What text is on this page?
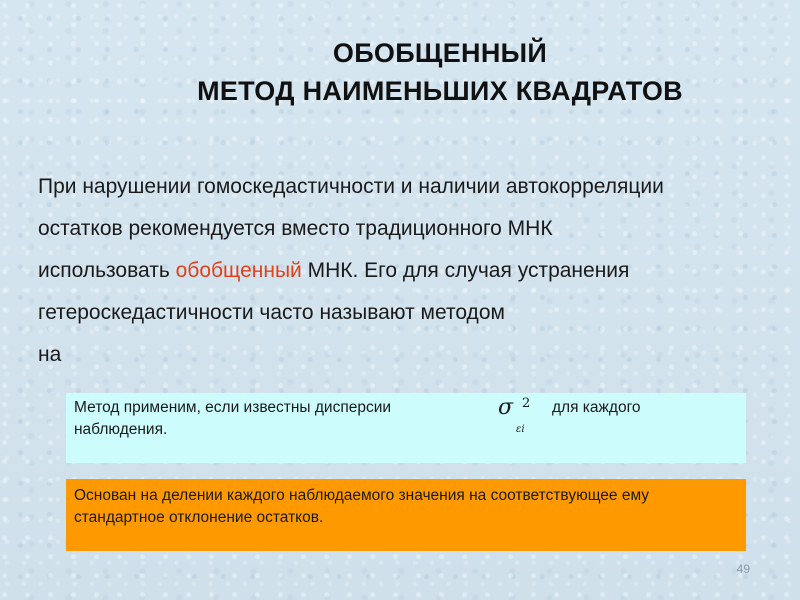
ОБОБЩЕННЫЙ
МЕТОД НАИМЕНЬШИХ КВАДРАТОВ

При нарушении гомоскедастичности и наличии автокорреляции

остатков рекомендуется вместо традиционного МНК

использовать обобщенный МНК. Его для случая устранения

гетероскедастичности часто называют методом

на

Метод применим, если известны дисперсии	σ 2
εi
для каждого
наблюдения.
Основан на делении каждого наблюдаемого значения на соответствующее ему стандартное отклонение остатков.
49
